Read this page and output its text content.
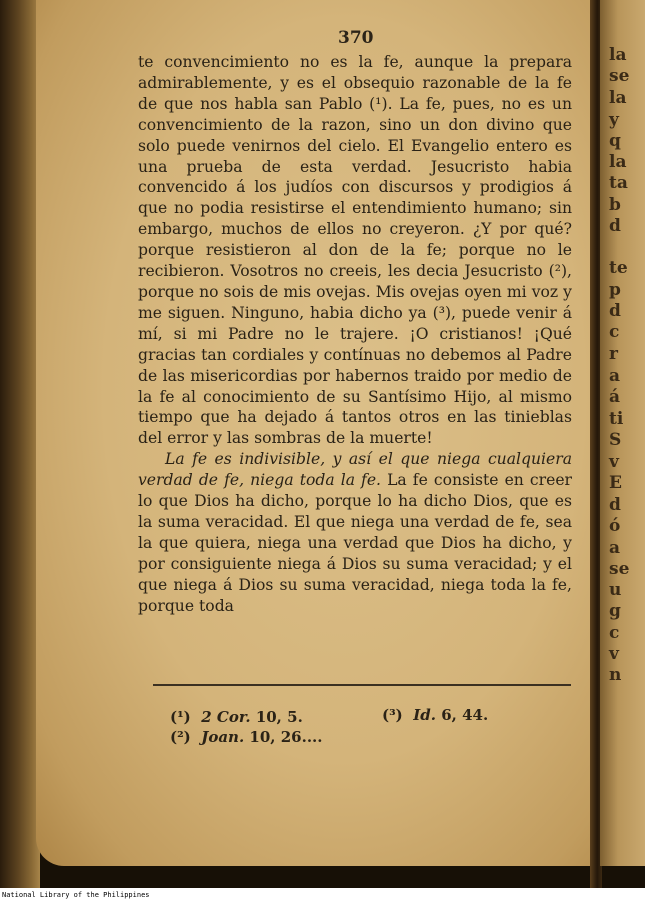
370

te convencimiento no es la fe, aunque la prepara admirablemente, y es el obsequio razonable de la fe de que nos habla san Pablo (¹). La fe, pues, no es un convencimiento de la razon, sino un don divino que solo puede venirnos del cielo. El Evangelio entero es una prueba de esta verdad. Jesucristo habia convencido á los judíos con discursos y prodigios á que no podia resistirse el entendimiento humano; sin embargo, muchos de ellos no creyeron. ¿Y por qué? porque resistieron al don de la fe; porque no le recibieron. Vosotros no creeis, les decia Jesucristo (²), porque no sois de mis ovejas. Mis ovejas oyen mi voz y me siguen. Ninguno, habia dicho ya (³), puede venir á mí, si mi Padre no le trajere. ¡O cristianos! ¡Qué gracias tan cordiales y contínuas no debemos al Padre de las misericordias por habernos traido por medio de la fe al conocimiento de su Santísimo Hijo, al mismo tiempo que ha dejado á tantos otros en las tinieblas del error y las sombras de la muerte!

La fe es indivisible, y así el que niega cualquiera verdad de fe, niega toda la fe. La fe consiste en creer lo que Dios ha dicho, porque lo ha dicho Dios, que es la suma veracidad. El que niega una verdad de fe, sea la que quiera, niega una verdad que Dios ha dicho, y por consiguiente niega á Dios su suma veracidad; y el que niega á Dios su suma veracidad, niega toda la fe, porque toda

(¹) 2 Cor. 10, 5.
(²) Joan. 10, 26....
(³) Id. 6, 44.
la
se
la
y
q
la
ta
b
d
te
p
d
c
r
a
á
ti
S
v
E
d
ó
a
se
u
g
c
v
n
National Library of the Philippines
